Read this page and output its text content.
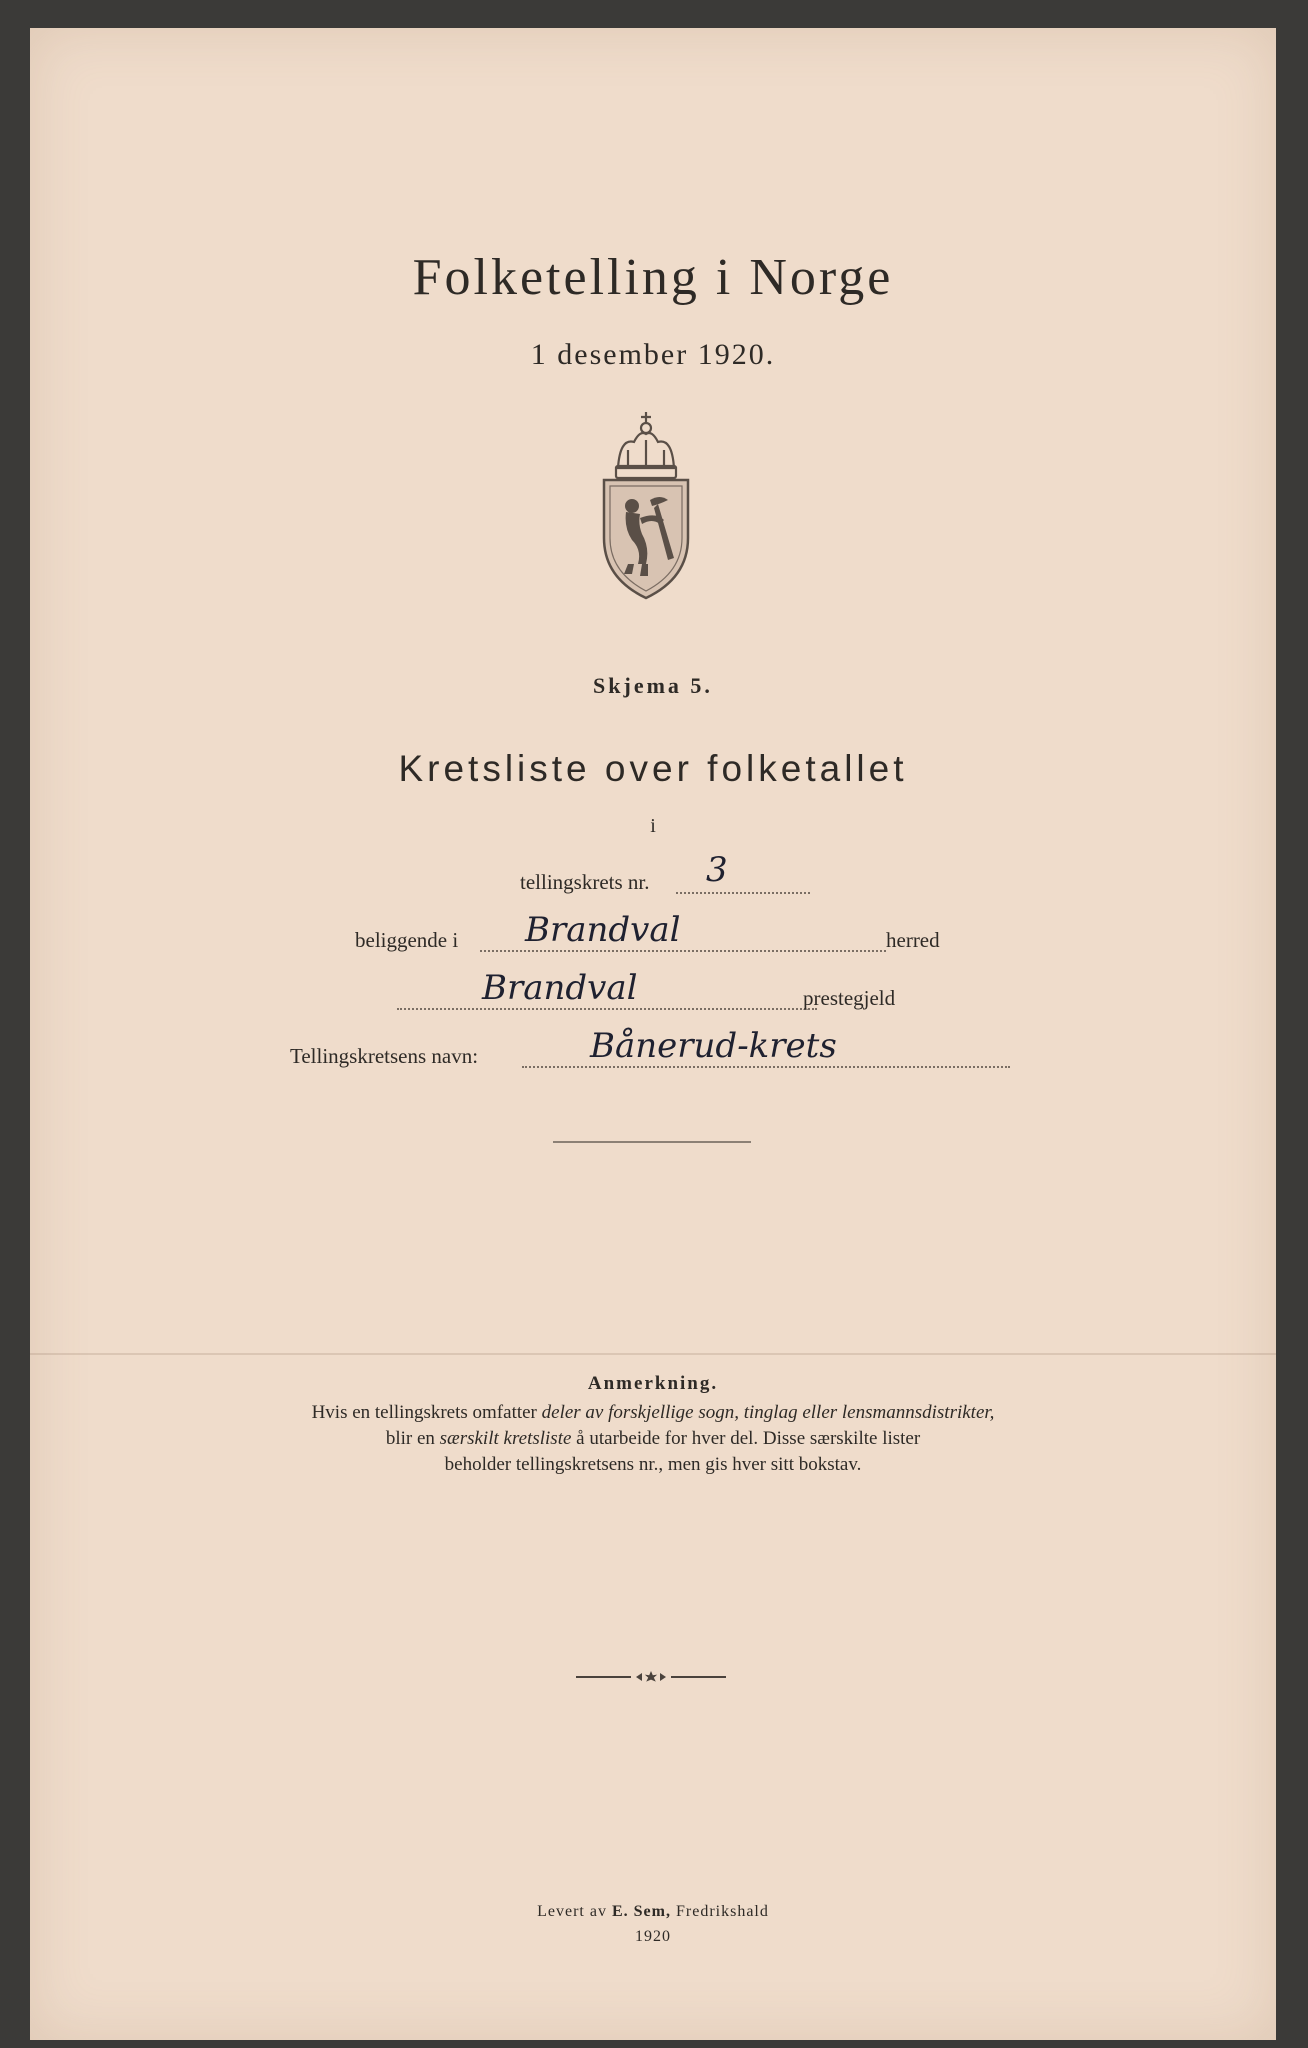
Folketelling i Norge
1 desember 1920.
Skjema 5.
Kretsliste over folketallet
i
tellingskrets nr. 3
beliggende i Brandval	herred
Brandval	prestegjeld
Tellingskretsens navn:	Bånerud-krets
Anmerkning.
Hvis en tellingskrets omfatter deler av forskjellige sogn, tinglag eller lensmannsdistrikter,
blir en særskilt kretsliste å utarbeide for hver del. Disse særskilte lister
beholder tellingskretsens nr., men gis hver sitt bokstav.
Levert av E. Sem, Fredrikshald
1920
